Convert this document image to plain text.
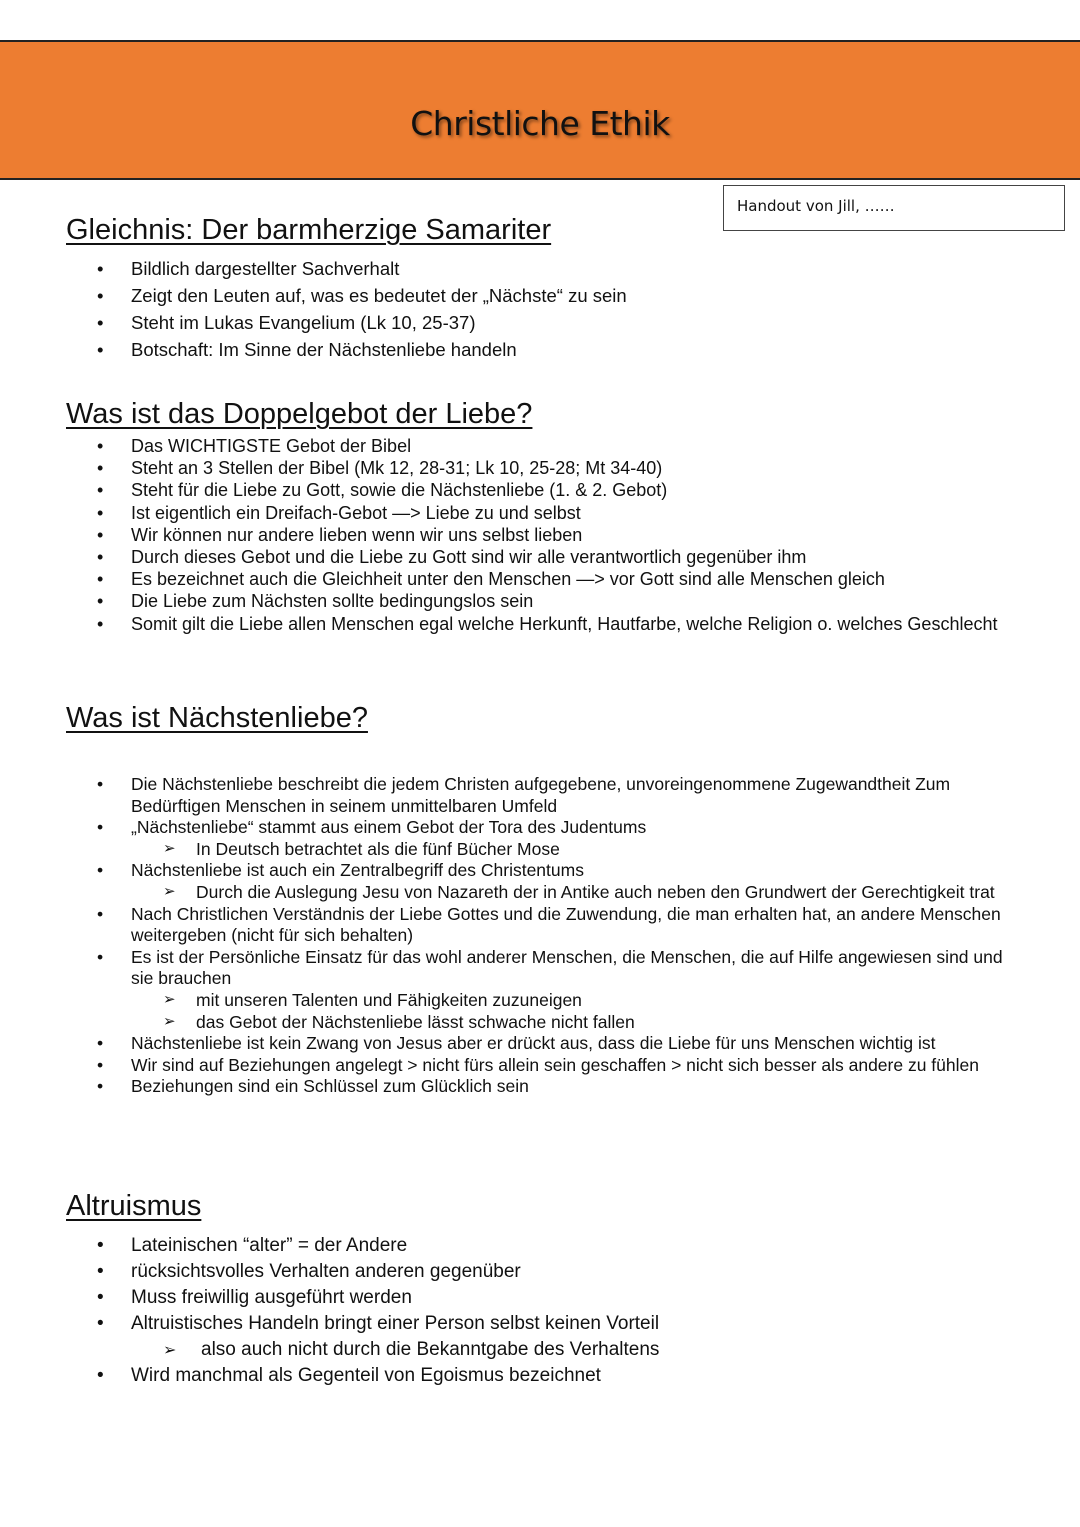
Christliche Ethik
Handout von Jill, ……
Gleichnis: Der barmherzige Samariter
• Bildlich dargestellter Sachverhalt
• Zeigt den Leuten auf, was es bedeutet der „Nächste“ zu sein
• Steht im Lukas Evangelium (Lk 10, 25-37)
• Botschaft: Im Sinne der Nächstenliebe handeln
Was ist das Doppelgebot der Liebe?
• Das WICHTIGSTE Gebot der Bibel
• Steht an 3 Stellen der Bibel (Mk 12, 28-31; Lk 10, 25-28; Mt 34-40)
• Steht für die Liebe zu Gott, sowie die Nächstenliebe (1. & 2. Gebot)
• Ist eigentlich ein Dreifach-Gebot —> Liebe zu und selbst
• Wir können nur andere lieben wenn wir uns selbst lieben
• Durch dieses Gebot und die Liebe zu Gott sind wir alle verantwortlich gegenüber ihm
• Es bezeichnet auch die Gleichheit unter den Menschen —> vor Gott sind alle Menschen gleich
• Die Liebe zum Nächsten sollte bedingungslos sein
• Somit gilt die Liebe allen Menschen egal welche Herkunft, Hautfarbe, welche Religion o. welches Geschlecht
Was ist Nächstenliebe?
• Die Nächstenliebe beschreibt die jedem Christen aufgegebene, unvoreingenommene Zugewandtheit Zum Bedürftigen Menschen in seinem unmittelbaren Umfeld
• „Nächstenliebe“ stammt aus einem Gebot der Tora des Judentums
➢ In Deutsch betrachtet als die fünf Bücher Mose
• Nächstenliebe ist auch ein Zentralbegriff des Christentums
➢ Durch die Auslegung Jesu von Nazareth der in Antike auch neben den Grundwert der Gerechtigkeit trat
• Nach Christlichen Verständnis der Liebe Gottes und die Zuwendung, die man erhalten hat, an andere Menschen weitergeben (nicht für sich behalten)
• Es ist der Persönliche Einsatz für das wohl anderer Menschen, die Menschen, die auf Hilfe angewiesen sind und sie brauchen
➢ mit unseren Talenten und Fähigkeiten zuzuneigen
➢ das Gebot der Nächstenliebe lässt schwache nicht fallen
• Nächstenliebe ist kein Zwang von Jesus aber er drückt aus, dass die Liebe für uns Menschen wichtig ist
• Wir sind auf Beziehungen angelegt > nicht fürs allein sein geschaffen > nicht sich besser als andere zu fühlen
• Beziehungen sind ein Schlüssel zum Glücklich sein
Altruismus
• Lateinischen “alter” = der Andere
• rücksichtsvolles Verhalten anderen gegenüber
• Muss freiwillig ausgeführt werden
• Altruistisches Handeln bringt einer Person selbst keinen Vorteil
➢ also auch nicht durch die Bekanntgabe des Verhaltens
• Wird manchmal als Gegenteil von Egoismus bezeichnet
